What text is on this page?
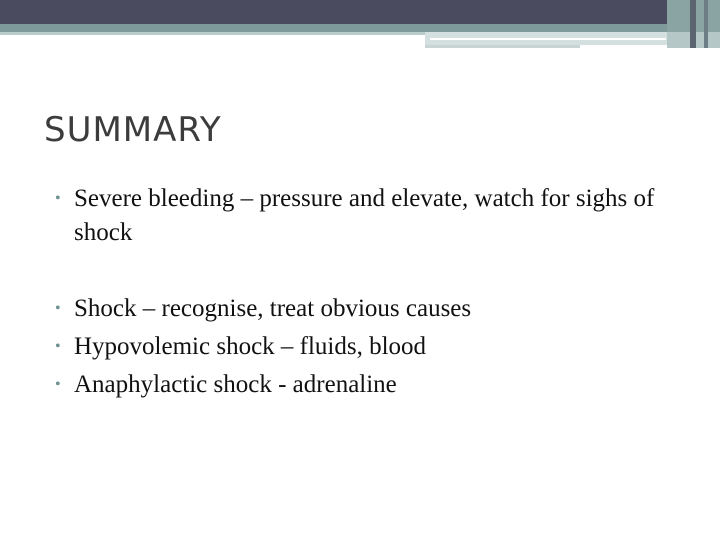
SUMMARY
• Severe bleeding – pressure and elevate, watch for sighs of shock
• Shock – recognise, treat obvious causes
• Hypovolemic shock – fluids, blood
• Anaphylactic shock - adrenaline
